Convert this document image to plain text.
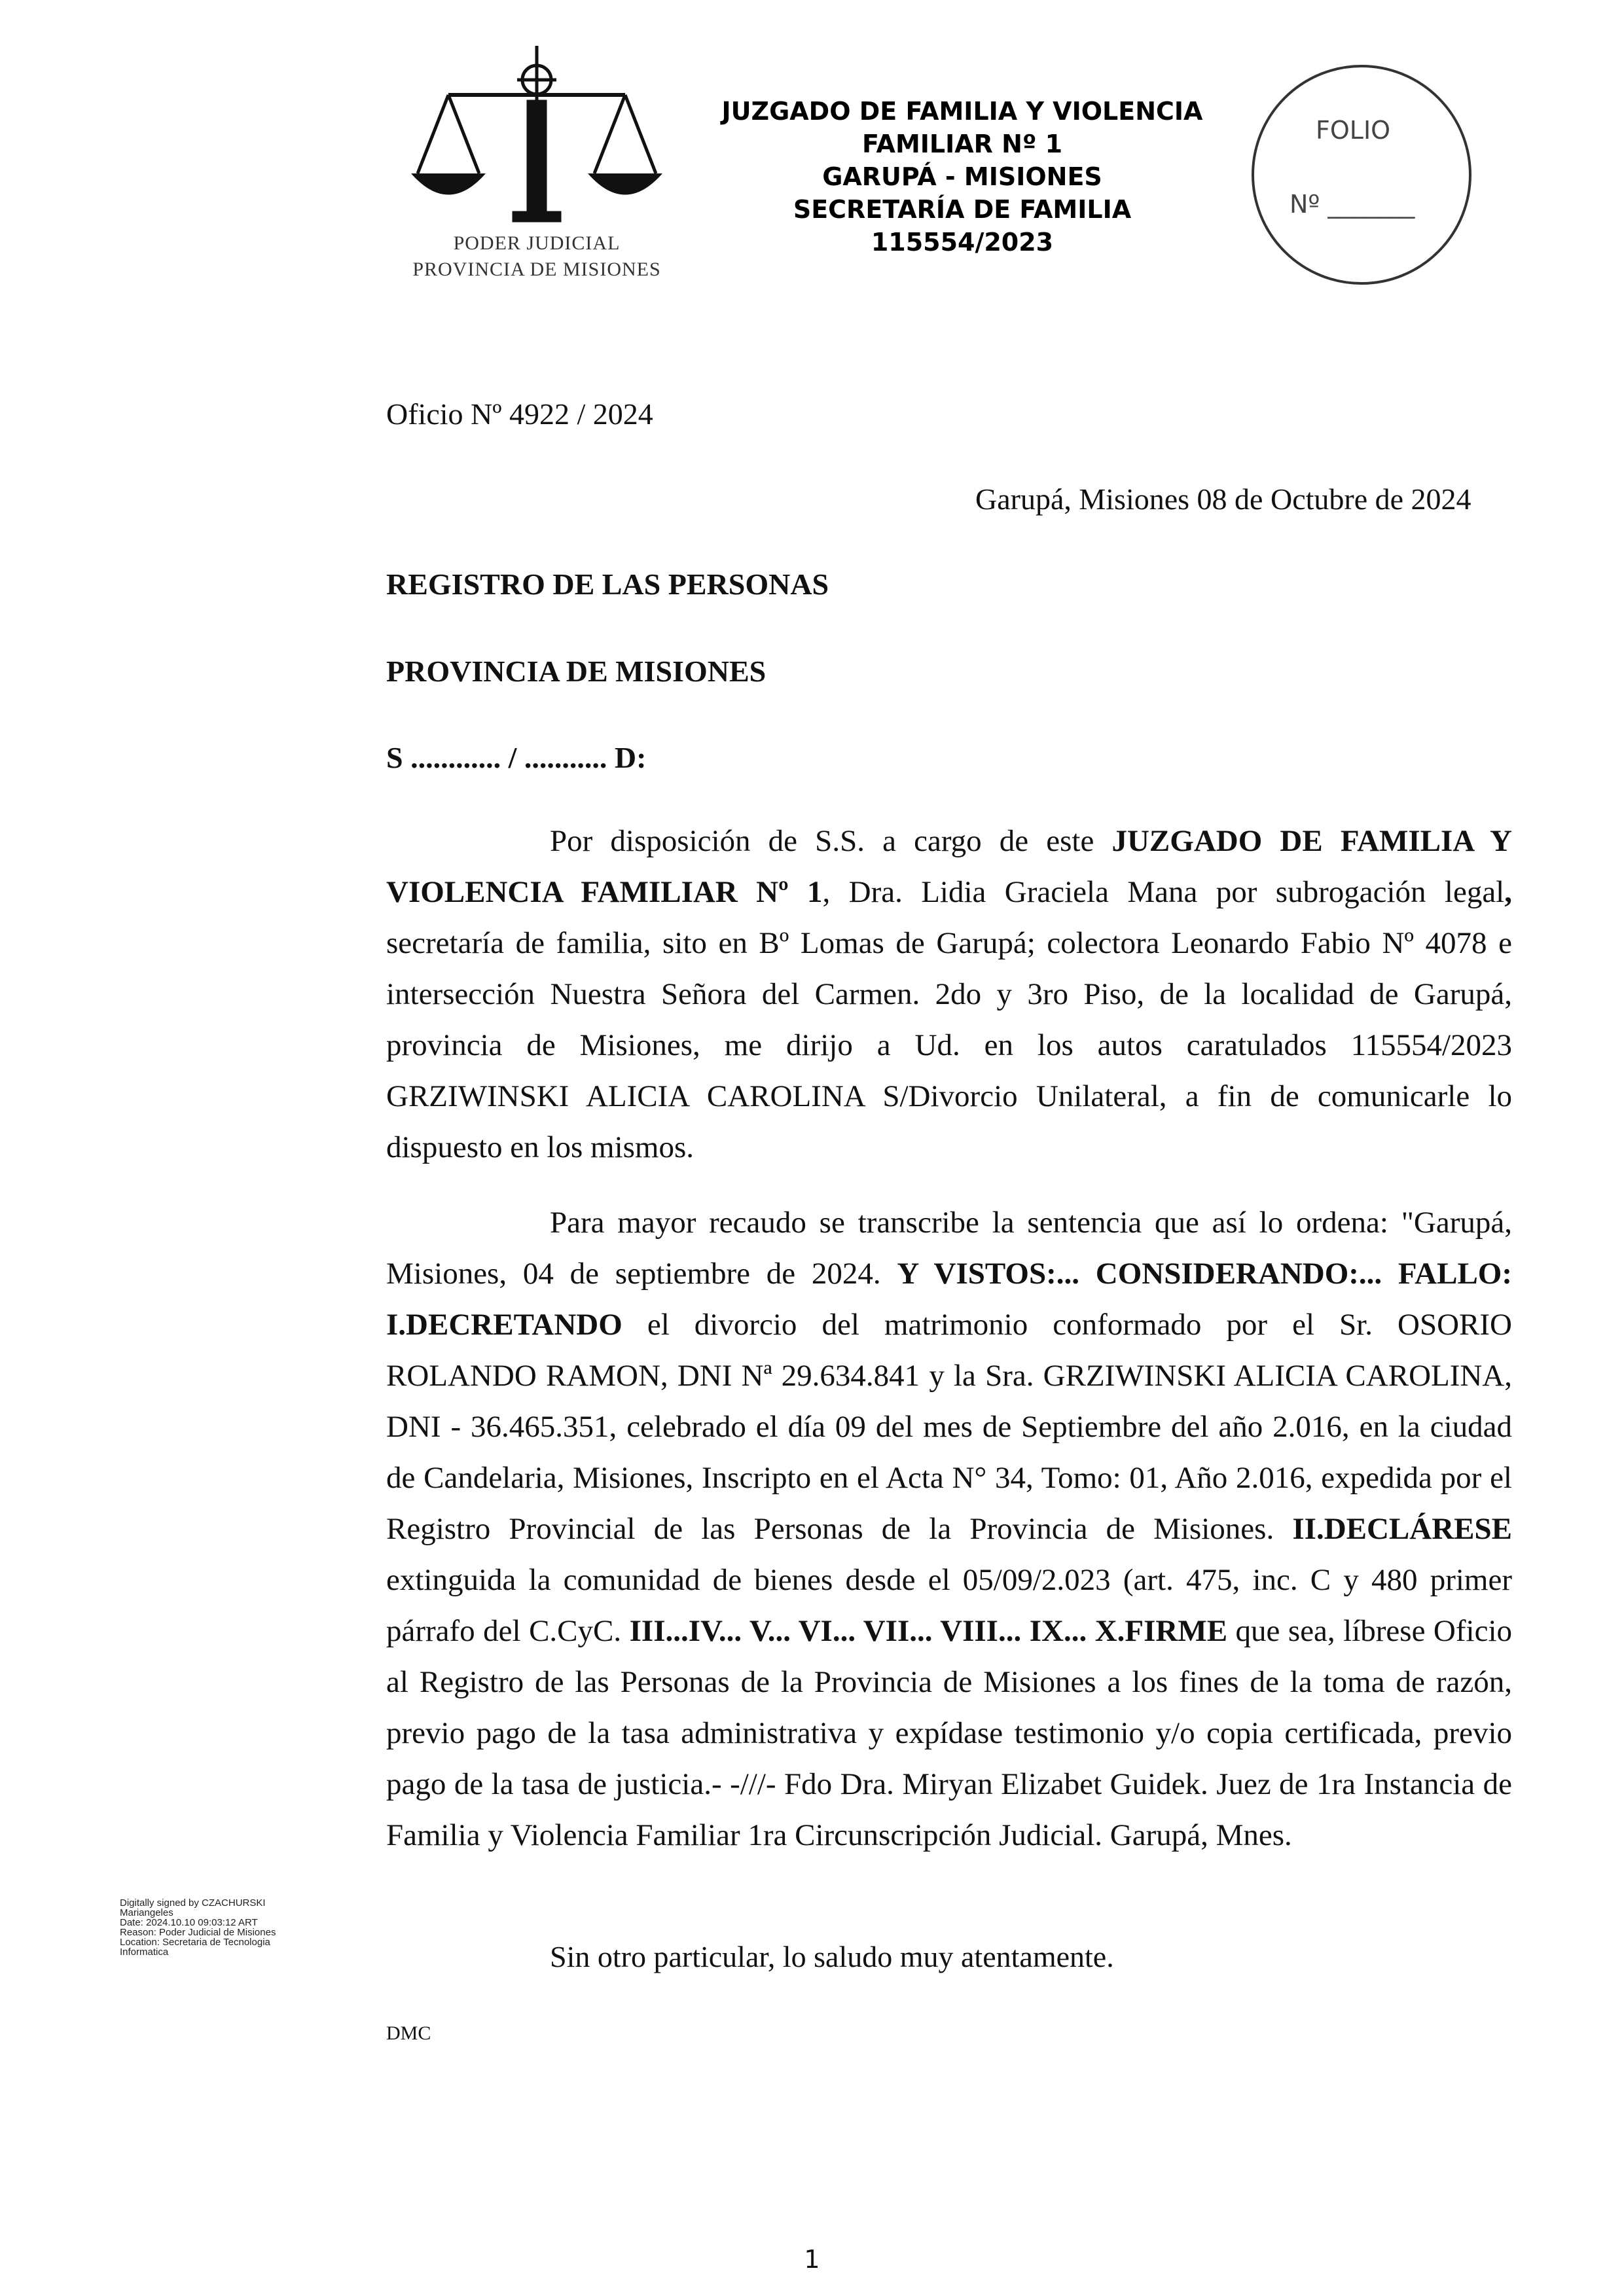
PODER JUDICIAL
PROVINCIA DE MISIONES
JUZGADO DE FAMILIA Y VIOLENCIA
FAMILIAR Nº 1
GARUPÁ - MISIONES
SECRETARÍA DE FAMILIA
115554/2023
FOLIO
Nº _______
Oficio Nº 4922 / 2024
Garupá, Misiones 08 de Octubre de 2024
REGISTRO DE LAS PERSONAS
PROVINCIA DE MISIONES
S ............ / ........... D:
Por disposición de S.S. a cargo de este JUZGADO DE FAMILIA Y VIOLENCIA FAMILIAR Nº 1, Dra. Lidia Graciela Mana por subrogación legal, secretaría de familia, sito en Bº Lomas de Garupá; colectora Leonardo Fabio Nº 4078 e intersección Nuestra Señora del Carmen. 2do y 3ro Piso, de la localidad de Garupá, provincia de Misiones, me dirijo a Ud. en los autos caratulados 115554/2023 GRZIWINSKI ALICIA CAROLINA S/Divorcio Unilateral, a fin de comunicarle lo dispuesto en los mismos.
Para mayor recaudo se transcribe la sentencia que así lo ordena: "Garupá, Misiones, 04 de septiembre de 2024. Y VISTOS:... CONSIDERANDO:... FALLO: I.DECRETANDO el divorcio del matrimonio conformado por el Sr. OSORIO ROLANDO RAMON, DNI Nª 29.634.841 y la Sra. GRZIWINSKI ALICIA CAROLINA, DNI - 36.465.351, celebrado el día 09 del mes de Septiembre del año 2.016, en la ciudad de Candelaria, Misiones, Inscripto en el Acta N° 34, Tomo: 01, Año 2.016, expedida por el Registro Provincial de las Personas de la Provincia de Misiones. II.DECLÁRESE extinguida la comunidad de bienes desde el 05/09/2.023 (art. 475, inc. C y 480 primer párrafo del C.CyC. III...IV... V... VI... VII... VIII... IX... X.FIRME que sea, líbrese Oficio al Registro de las Personas de la Provincia de Misiones a los fines de la toma de razón, previo pago de la tasa administrativa y expídase testimonio y/o copia certificada, previo pago de la tasa de justicia.- -///- Fdo Dra. Miryan Elizabet Guidek. Juez de 1ra Instancia de Familia y Violencia Familiar 1ra Circunscripción Judicial. Garupá, Mnes.
Sin otro particular, lo saludo muy atentamente.
DMC
Digitally signed by CZACHURSKI
Mariangeles
Date: 2024.10.10 09:03:12 ART
Reason: Poder Judicial de Misiones
Location: Secretaria de Tecnologia
Informatica
1
